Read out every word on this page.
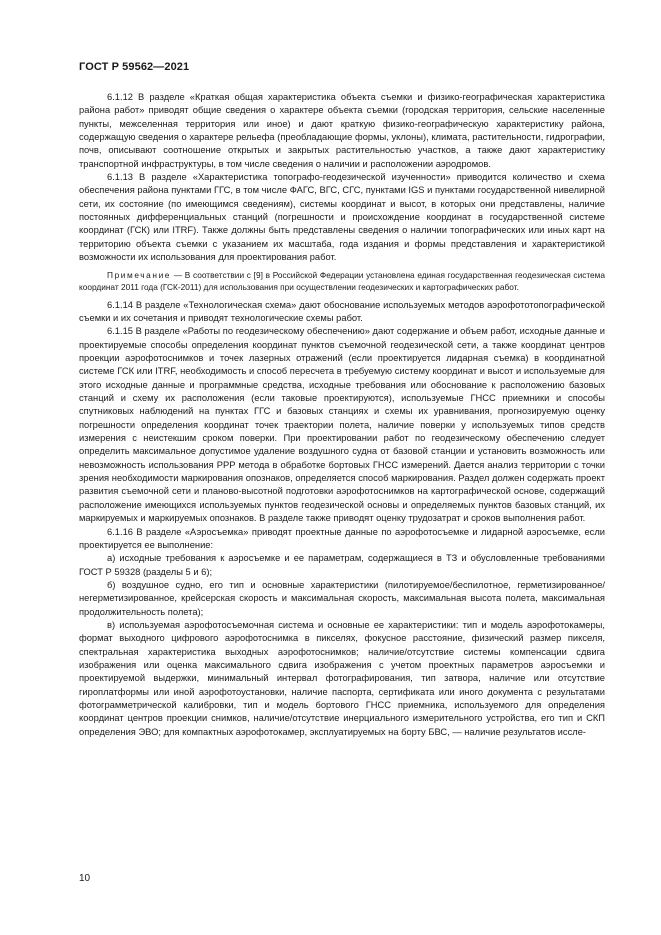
ГОСТ Р 59562—2021

6.1.12 В разделе «Краткая общая характеристика объекта съемки и физико-географическая характеристика района работ» приводят общие сведения о характере объекта съемки (городская территория, сельские населенные пункты, межселенная территория или иное) и дают краткую физико-географическую характеристику района, содержащую сведения о характере рельефа (преобладающие формы, уклоны), климата, растительности, гидрографии, почв, описывают соотношение открытых и закрытых растительностью участков, а также дают характеристику транспортной инфраструктуры, в том числе сведения о наличии и расположении аэродромов.

6.1.13 В разделе «Характеристика топографо-геодезической изученности» приводится количество и схема обеспечения района пунктами ГГС, в том числе ФАГС, ВГС, СГС, пунктами IGS и пунктами государственной нивелирной сети, их состояние (по имеющимся сведениям), системы координат и высот, в которых они представлены, наличие постоянных дифференциальных станций (погрешности и происхождение координат в государственной системе координат (ГСК) или ITRF). Также должны быть представлены сведения о наличии топографических или иных карт на территорию объекта съемки с указанием их масштаба, года издания и формы представления и характеристикой возможности их использования для проектирования работ.

Примечание — В соответствии с [9] в Российской Федерации установлена единая государственная геодезическая система координат 2011 года (ГСК-2011) для использования при осуществлении геодезических и картографических работ.

6.1.14 В разделе «Технологическая схема» дают обоснование используемых методов аэрофототопографической съемки и их сочетания и приводят технологические схемы работ.

6.1.15 В разделе «Работы по геодезическому обеспечению» дают содержание и объем работ, исходные данные и проектируемые способы определения координат пунктов съемочной геодезической сети, а также координат центров проекции аэрофотоснимков и точек лазерных отражений (если проектируется лидарная съемка) в координатной системе ГСК или ITRF, необходимость и способ пересчета в требуемую систему координат и высот и используемые для этого исходные данные и программные средства, исходные требования или обоснование к расположению базовых станций и схему их расположения (если таковые проектируются), используемые ГНСС приемники и способы спутниковых наблюдений на пунктах ГГС и базовых станциях и схемы их уравнивания, прогнозируемую оценку погрешности определения координат точек траектории полета, наличие поверки у используемых типов средств измерения с неистекшим сроком поверки. При проектировании работ по геодезическому обеспечению следует определить максимальное допустимое удаление воздушного судна от базовой станции и установить возможность или невозможность использования PPP метода в обработке бортовых ГНСС измерений. Дается анализ территории с точки зрения необходимости маркирования опознаков, определяется способ маркирования. Раздел должен содержать проект развития съемочной сети и планово-высотной подготовки аэрофотоснимков на картографической основе, содержащий расположение имеющихся используемых пунктов геодезической основы и определяемых пунктов базовых станций, их маркируемых и маркируемых опознаков. В разделе также приводят оценку трудозатрат и сроков выполнения работ.

6.1.16 В разделе «Аэросъемка» приводят проектные данные по аэрофотосъемке и лидарной аэросъемке, если проектируется ее выполнение:

а) исходные требования к аэросъемке и ее параметрам, содержащиеся в ТЗ и обусловленные требованиями ГОСТ Р 59328 (разделы 5 и 6);

б) воздушное судно, его тип и основные характеристики (пилотируемое/беспилотное, герметизированное/негерметизированное, крейсерская скорость и максимальная скорость, максимальная высота полета, максимальная продолжительность полета);

в) используемая аэрофотосъемочная система и основные ее характеристики: тип и модель аэрофотокамеры, формат выходного цифрового аэрофотоснимка в пикселях, фокусное расстояние, физический размер пикселя, спектральная характеристика выходных аэрофотоснимков; наличие/отсутствие системы компенсации сдвига изображения или оценка максимального сдвига изображения с учетом проектных параметров аэросъемки и проектируемой выдержки, минимальный интервал фотографирования, тип затвора, наличие или отсутствие гироплатформы или иной аэрофотоустановки, наличие паспорта, сертификата или иного документа с результатами фотограмметрической калибровки, тип и модель бортового ГНСС приемника, используемого для определения координат центров проекции снимков, наличие/отсутствие инерциального измерительного устройства, его тип и СКП определения ЭВО; для компактных аэрофотокамер, эксплуатируемых на борту БВС, — наличие результатов иссле-

10
